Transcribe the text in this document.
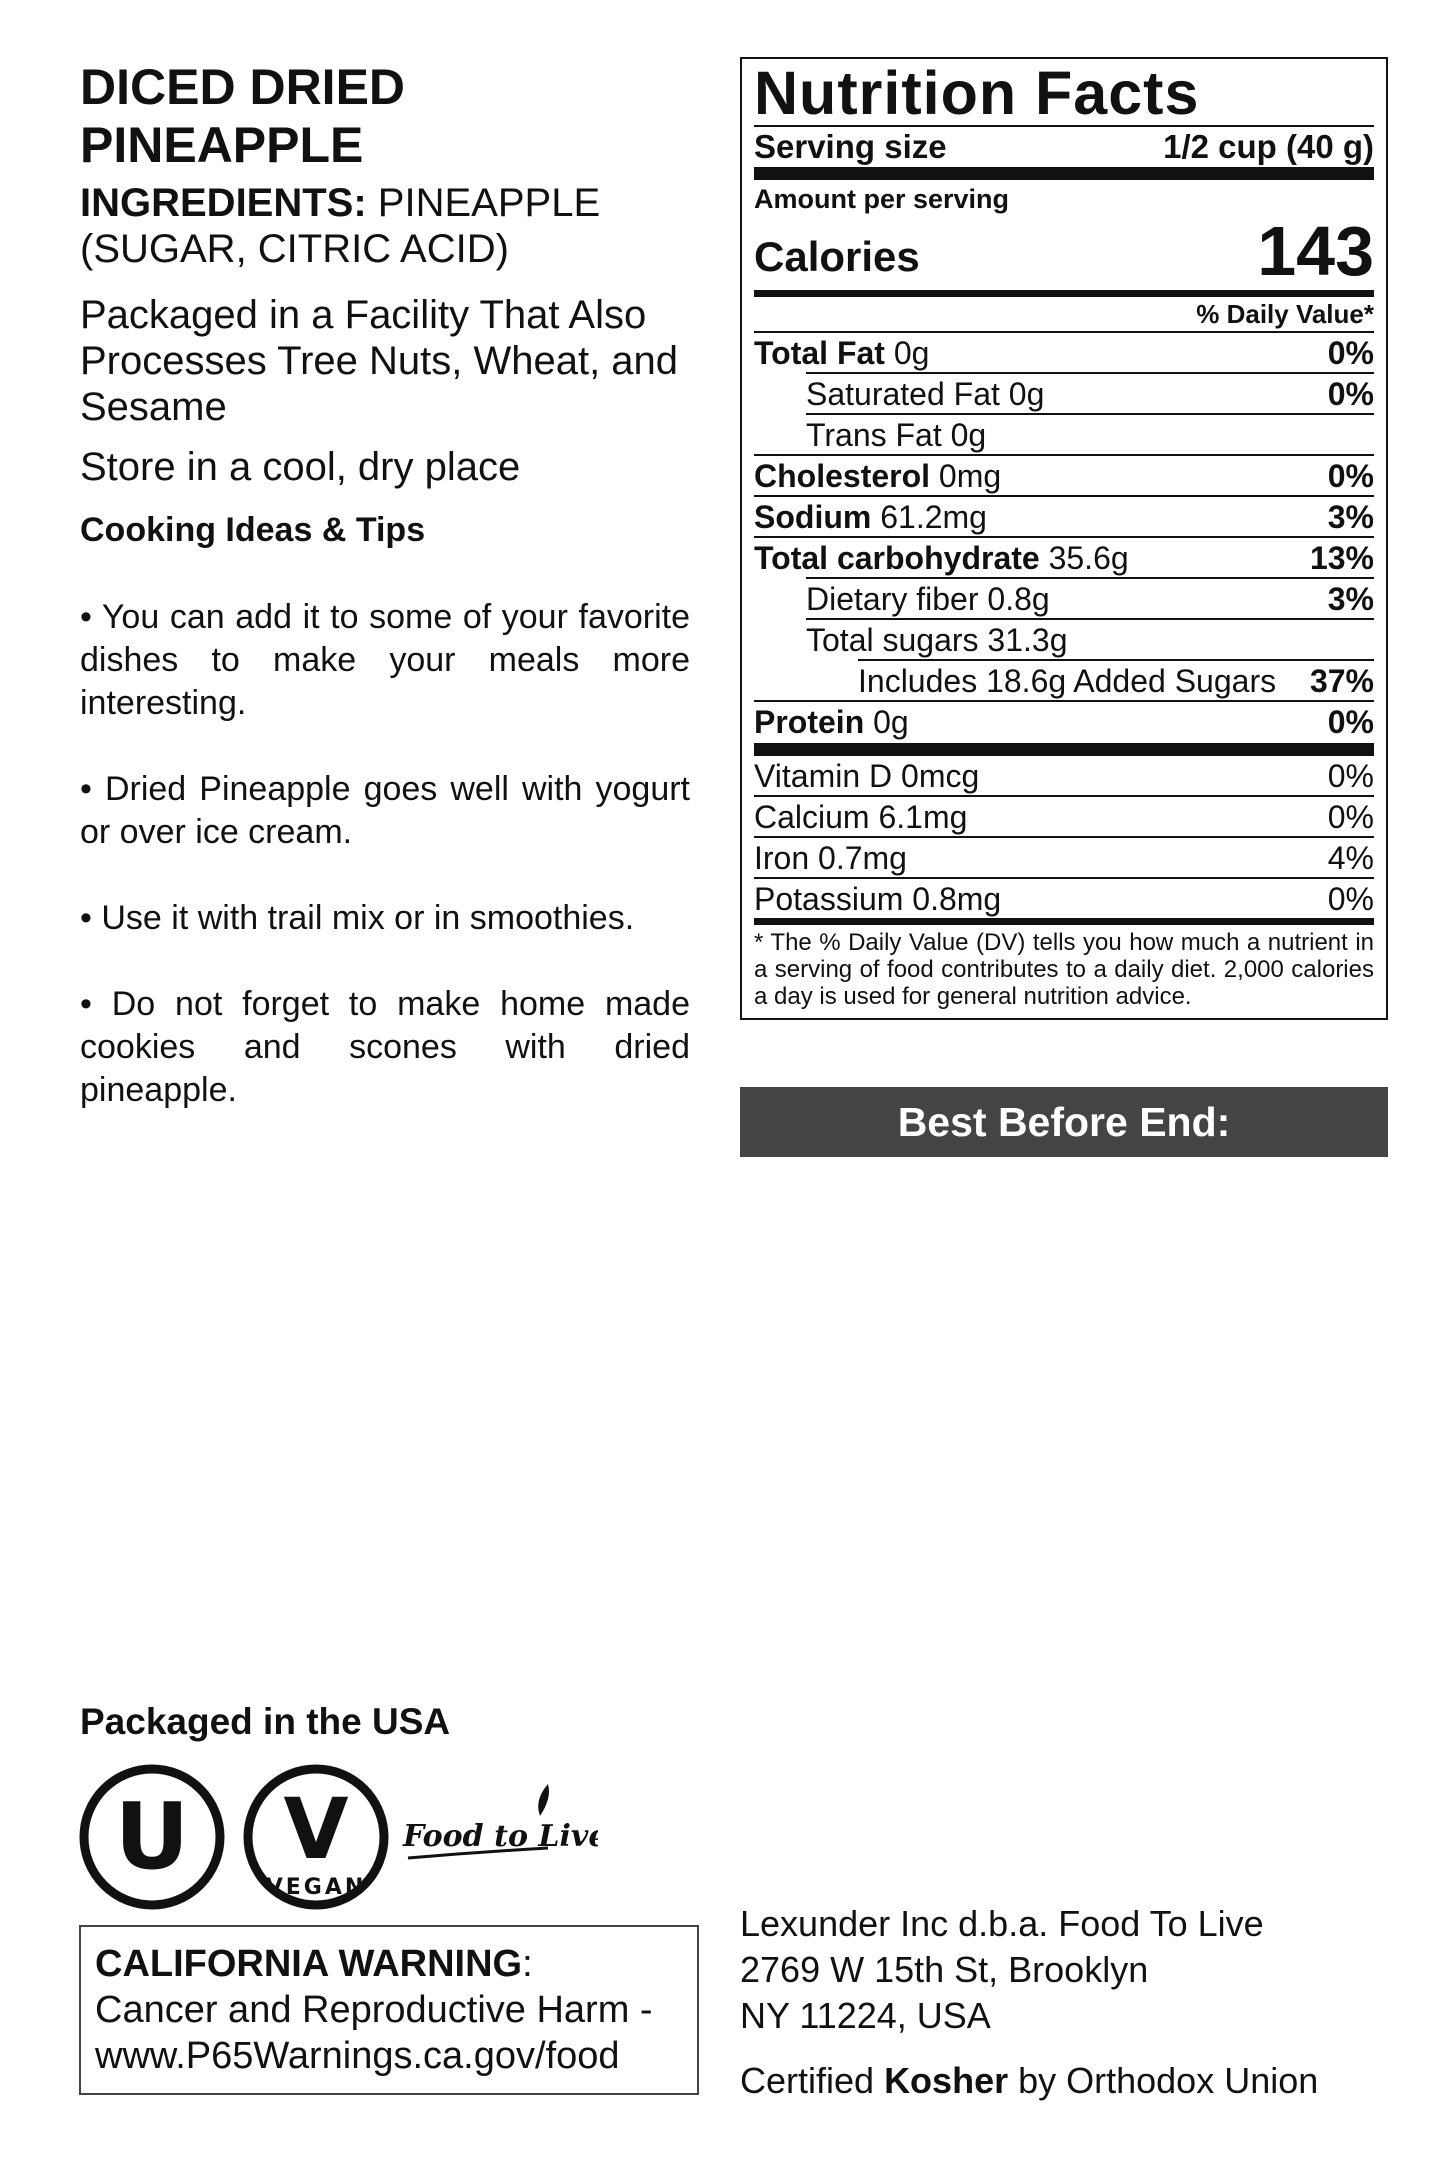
DICED DRIED
PINEAPPLE
INGREDIENTS: PINEAPPLE (SUGAR, CITRIC ACID)
Packaged in a Facility That Also Processes Tree Nuts, Wheat, and Sesame
Store in a cool, dry place
Cooking Ideas & Tips
• You can add it to some of your favorite dishes to make your meals more interesting.
• Dried Pineapple goes well with yogurt or over ice cream.
• Use it with trail mix or in smoothies.
• Do not forget to make home made cookies and scones with dried pineapple.
Nutrition Facts
Serving size	1/2 cup (40 g)
Amount per serving
Calories	143
% Daily Value*
Total Fat 0g	0%
Saturated Fat 0g	0%
Trans Fat 0g
Cholesterol 0mg	0%
Sodium 61.2mg	3%
Total carbohydrate 35.6g	13%
Dietary fiber 0.8g	3%
Total sugars 31.3g
Includes 18.6g Added Sugars 37%
Protein 0g	0%
Vitamin D 0mcg	0%
Calcium 6.1mg	0%
Iron 0.7mg	4%
Potassium 0.8mg	0%
* The % Daily Value (DV) tells you how much a nutrient in a serving of food contributes to a daily diet. 2,000 calories a day is used for general nutrition advice.
Best Before End:
Packaged in the USA
U V
VEGAN
Food to Live
CALIFORNIA WARNING:
Cancer and Reproductive Harm -
www.P65Warnings.ca.gov/food
Lexunder Inc d.b.a. Food To Live
2769 W 15th St, Brooklyn
NY 11224, USA
Certified Kosher by Orthodox Union
